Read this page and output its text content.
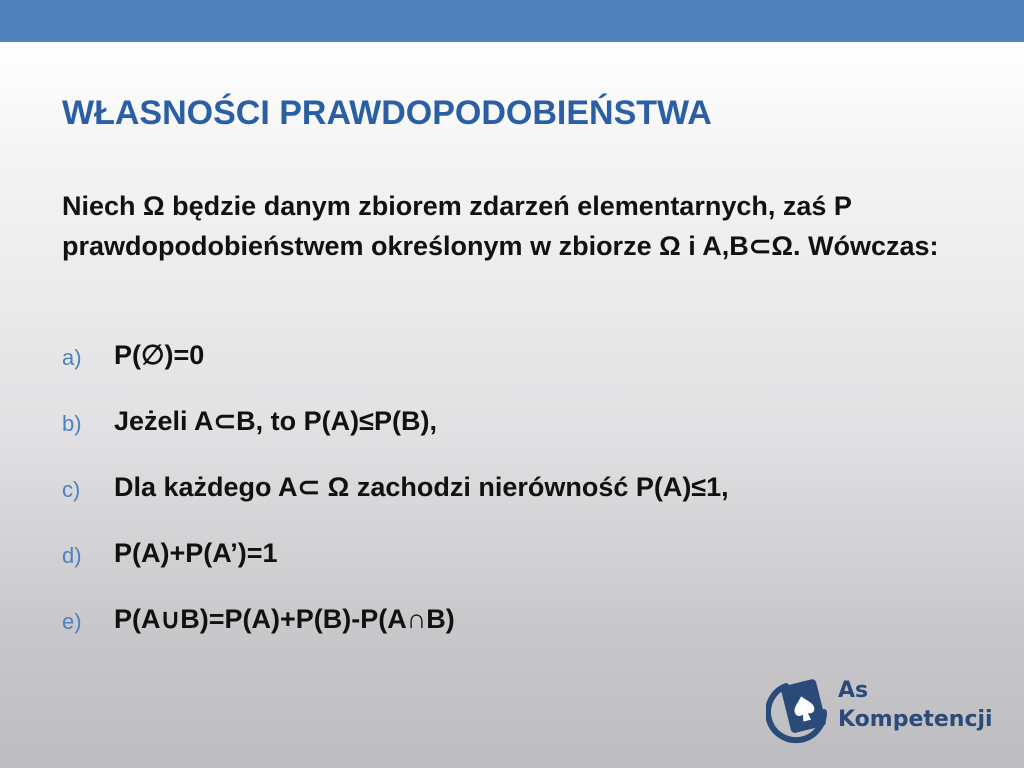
WŁASNOŚCI PRAWDOPODOBIEŃSTWA
Niech Ω będzie danym zbiorem zdarzeń elementarnych, zaś P prawdopodobieństwem określonym w zbiorze Ω i A,B⊂Ω. Wówczas:
a)	P(∅)=0
b)	Jeżeli A⊂B, to P(A)≤P(B),
c)	Dla każdego A⊂ Ω zachodzi nierówność P(A)≤1,
d)	P(A)+P(A’)=1
e)	P(A∪B)=P(A)+P(B)-P(A∩B)
As
Kompetencji
